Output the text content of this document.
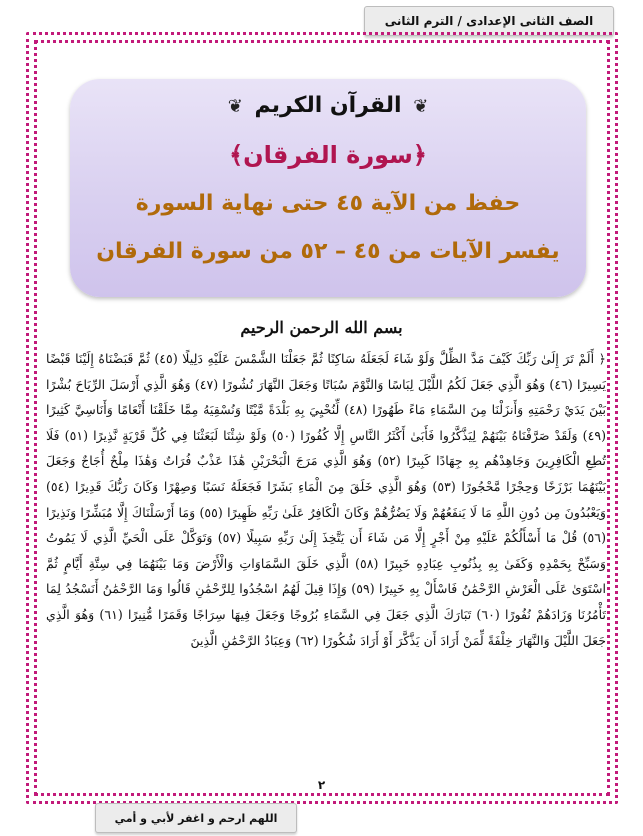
الصف الثانى الإعدادى / الترم الثانى
❦ القرآن الكريم ❦
﴿سورة الفرقان﴾
حفظ من الآية ٤٥ حتى نهاية السورة
يفسر الآيات من ٤٥ – ٥٢ من سورة الفرقان
بسم الله الرحمن الرحيم
﴿ أَلَمْ تَرَ إِلَىٰ رَبِّكَ كَيْفَ مَدَّ الظِّلَّ وَلَوْ شَاءَ لَجَعَلَهُ سَاكِنًا ثُمَّ جَعَلْنَا الشَّمْسَ عَلَيْهِ دَلِيلًا (٤٥) ثُمَّ قَبَضْنَاهُ إِلَيْنَا قَبْضًا يَسِيرًا (٤٦) وَهُوَ الَّذِي جَعَلَ لَكُمُ اللَّيْلَ لِبَاسًا وَالنَّوْمَ سُبَاتًا وَجَعَلَ النَّهَارَ نُشُورًا (٤٧) وَهُوَ الَّذِي أَرْسَلَ الرِّيَاحَ بُشْرًا بَيْنَ يَدَيْ رَحْمَتِهِ وَأَنزَلْنَا مِنَ السَّمَاءِ مَاءً طَهُورًا (٤٨) لِّنُحْيِيَ بِهِ بَلْدَةً مَّيْتًا وَنُسْقِيَهُ مِمَّا خَلَقْنَا أَنْعَامًا وَأَنَاسِيَّ كَثِيرًا (٤٩) وَلَقَدْ صَرَّفْنَاهُ بَيْنَهُمْ لِيَذَّكَّرُوا فَأَبَىٰ أَكْثَرُ النَّاسِ إِلَّا كُفُورًا (٥٠) وَلَوْ شِئْنَا لَبَعَثْنَا فِي كُلِّ قَرْيَةٍ نَّذِيرًا (٥١) فَلَا تُطِعِ الْكَافِرِينَ وَجَاهِدْهُم بِهِ جِهَادًا كَبِيرًا (٥٢) وَهُوَ الَّذِي مَرَجَ الْبَحْرَيْنِ هَٰذَا عَذْبٌ فُرَاتٌ وَهَٰذَا مِلْحٌ أُجَاجٌ وَجَعَلَ بَيْنَهُمَا بَرْزَخًا وَحِجْرًا مَّحْجُورًا (٥٣) وَهُوَ الَّذِي خَلَقَ مِنَ الْمَاءِ بَشَرًا فَجَعَلَهُ نَسَبًا وَصِهْرًا وَكَانَ رَبُّكَ قَدِيرًا (٥٤) وَيَعْبُدُونَ مِن دُونِ اللَّهِ مَا لَا يَنفَعُهُمْ وَلَا يَضُرُّهُمْ وَكَانَ الْكَافِرُ عَلَىٰ رَبِّهِ ظَهِيرًا (٥٥) وَمَا أَرْسَلْنَاكَ إِلَّا مُبَشِّرًا وَنَذِيرًا (٥٦) قُلْ مَا أَسْأَلُكُمْ عَلَيْهِ مِنْ أَجْرٍ إِلَّا مَن شَاءَ أَن يَتَّخِذَ إِلَىٰ رَبِّهِ سَبِيلًا (٥٧) وَتَوَكَّلْ عَلَى الْحَيِّ الَّذِي لَا يَمُوتُ وَسَبِّحْ بِحَمْدِهِ وَكَفَىٰ بِهِ بِذُنُوبِ عِبَادِهِ خَبِيرًا (٥٨) الَّذِي خَلَقَ السَّمَاوَاتِ وَالْأَرْضَ وَمَا بَيْنَهُمَا فِي سِتَّةِ أَيَّامٍ ثُمَّ اسْتَوَىٰ عَلَى الْعَرْشِ الرَّحْمَٰنُ فَاسْأَلْ بِهِ خَبِيرًا (٥٩) وَإِذَا قِيلَ لَهُمُ اسْجُدُوا لِلرَّحْمَٰنِ قَالُوا وَمَا الرَّحْمَٰنُ أَنَسْجُدُ لِمَا تَأْمُرُنَا وَزَادَهُمْ نُفُورًا (٦٠) تَبَارَكَ الَّذِي جَعَلَ فِي السَّمَاءِ بُرُوجًا وَجَعَلَ فِيهَا سِرَاجًا وَقَمَرًا مُّنِيرًا (٦١) وَهُوَ الَّذِي جَعَلَ اللَّيْلَ وَالنَّهَارَ خِلْفَةً لِّمَنْ أَرَادَ أَن يَذَّكَّرَ أَوْ أَرَادَ شُكُورًا (٦٢) وَعِبَادُ الرَّحْمَٰنِ الَّذِينَ
٢
اللهم ارحم و اغفر لأبي و أمي
